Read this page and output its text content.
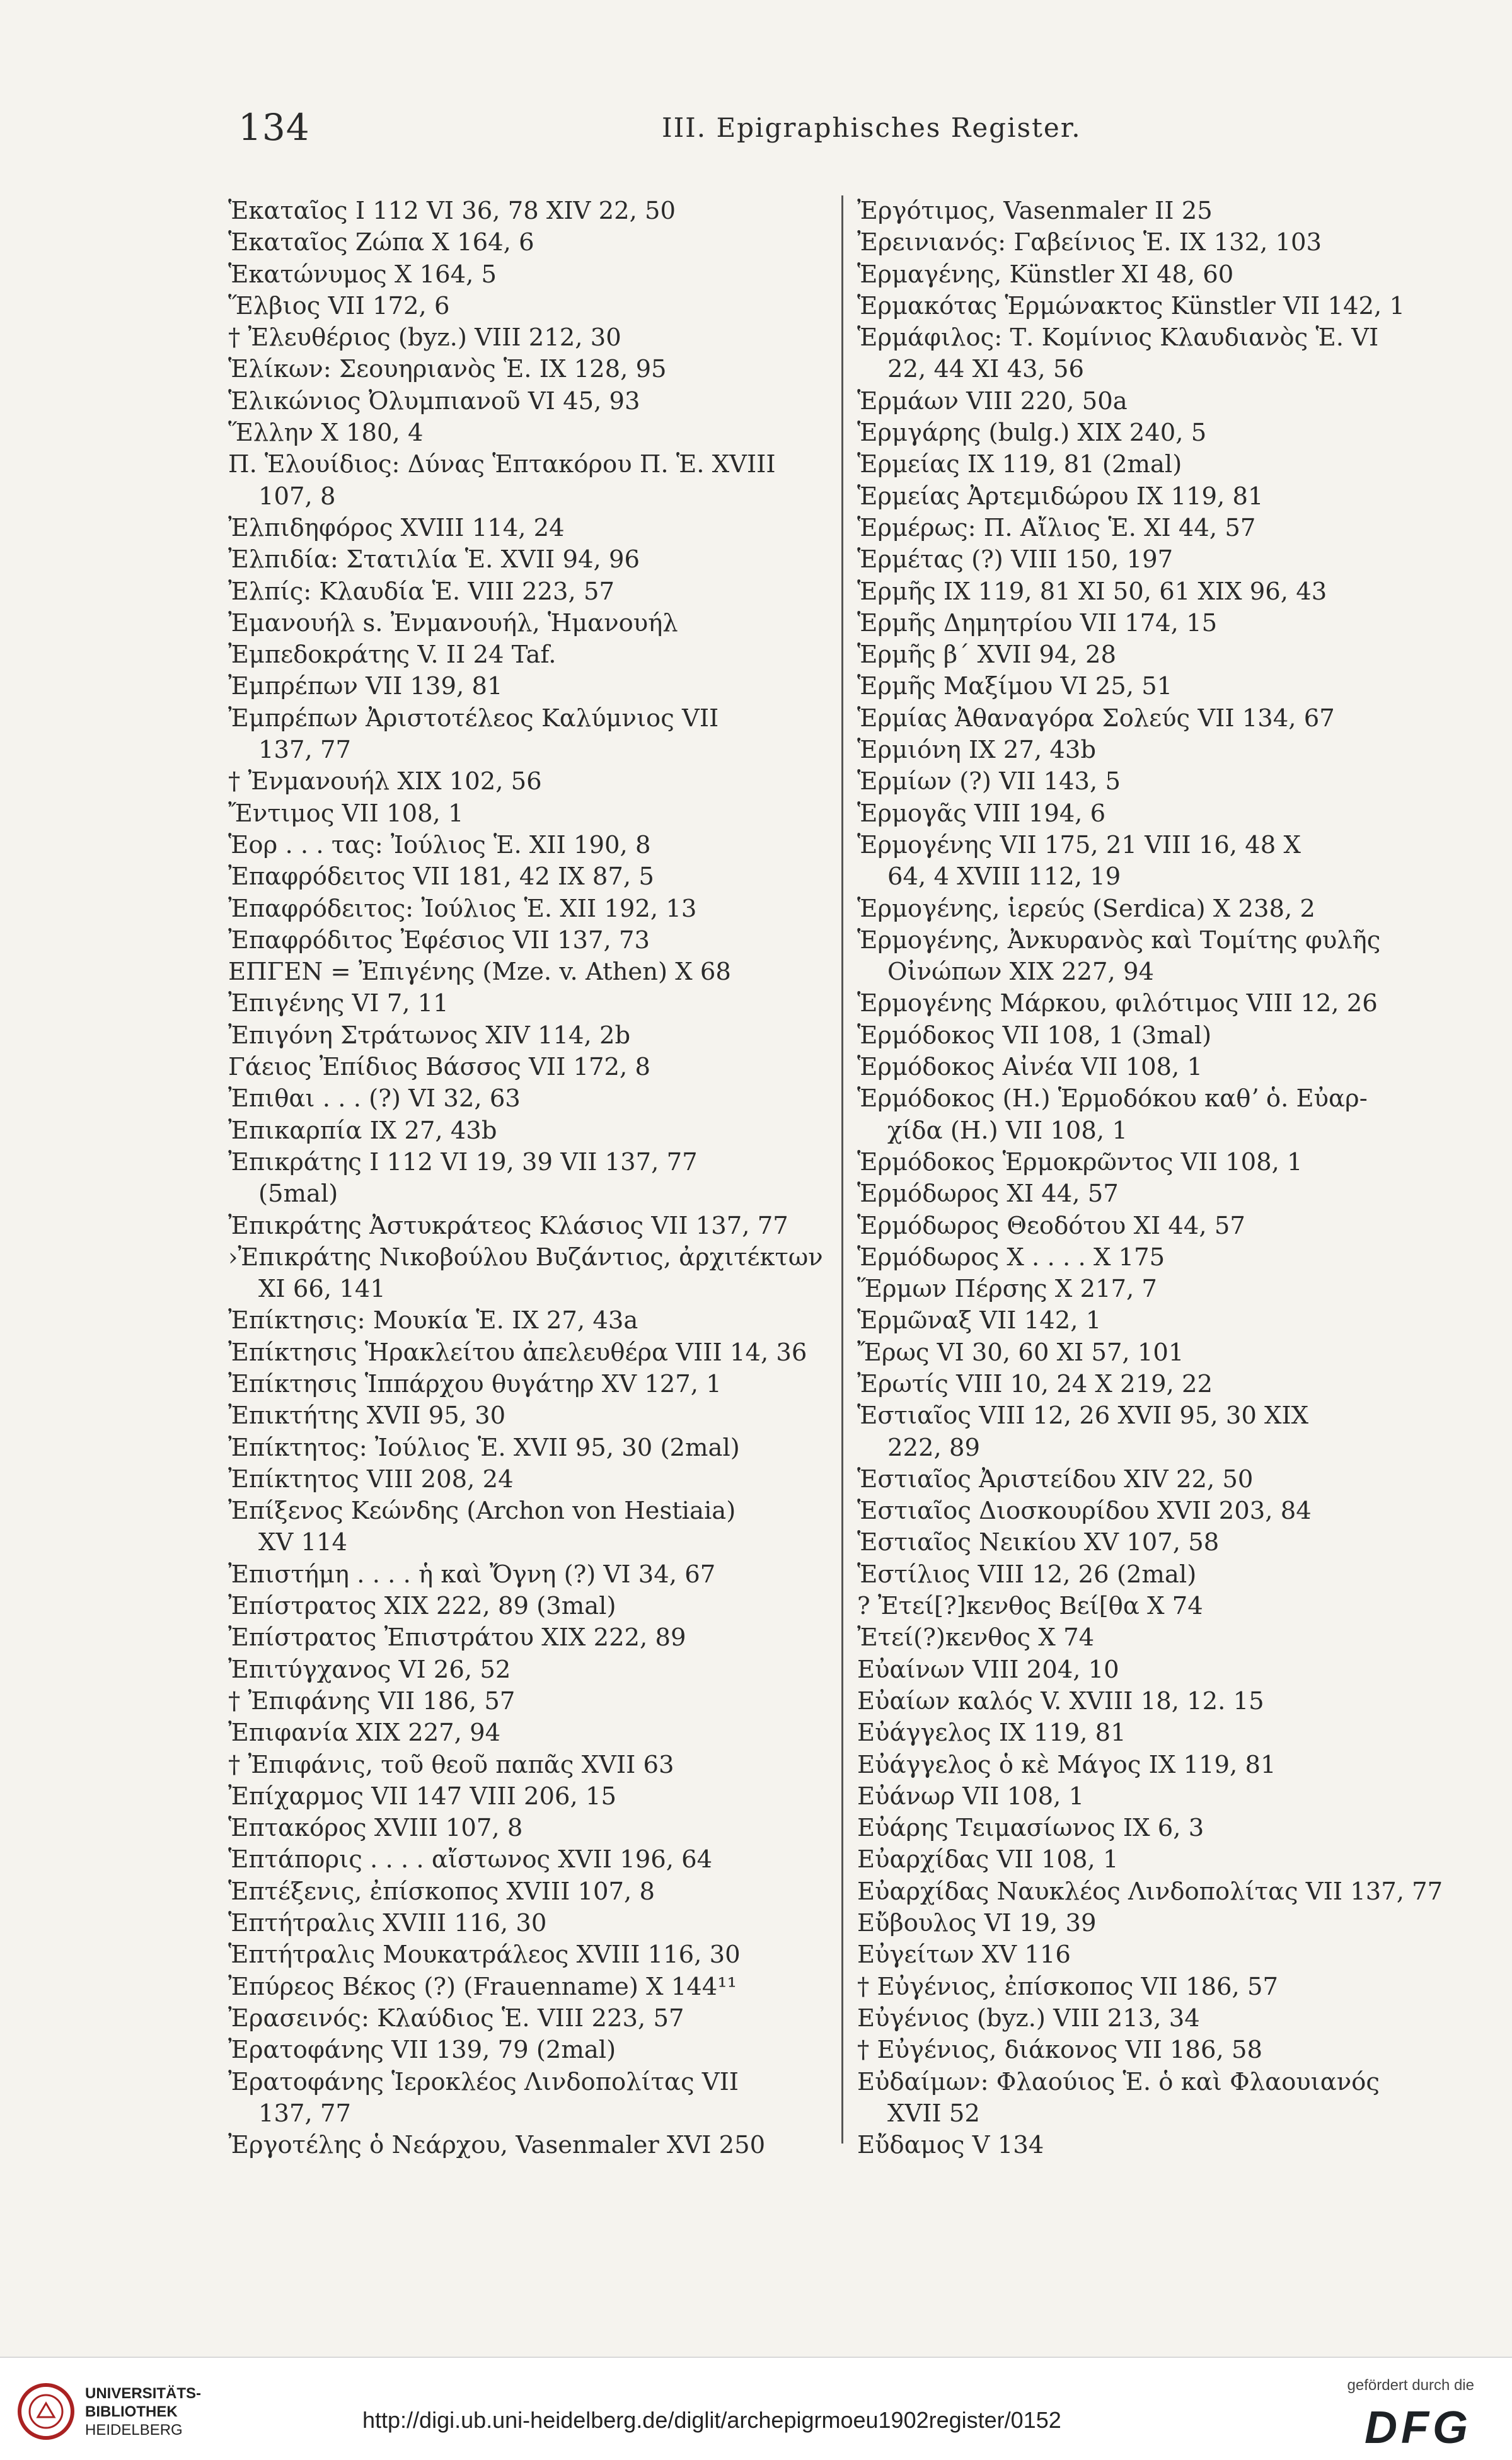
134	III. Epigraphisches Register.
Ἑκαταῖος I 112 VI 36, 78 XIV 22, 50
Ἑκαταῖος Ζώπα X 164, 6
Ἑκατώνυμος X 164, 5
Ἕλβιος VII 172, 6
† Ἐλευθέριος (byz.) VIII 212, 30
Ἑλίκων: Σεουηριανὸς Ἑ. IX 128, 95
Ἑλικώνιος Ὀλυμπιανοῦ VI 45, 93
Ἕλλην X 180, 4
Π. Ἑλουίδιος: Δύνας Ἑπτακόρου Π. Ἑ. XVIII
107, 8
Ἐλπιδηφόρος XVIII 114, 24
Ἐλπιδία: Στατιλία Ἑ. XVII 94, 96
Ἐλπίς: Κλαυδία Ἑ. VIII 223, 57
Ἐμανουήλ s. Ἐνμανουήλ, Ἡμανουήλ
Ἐμπεδοκράτης V. II 24 Taf.
Ἐμπρέπων VII 139, 81
Ἐμπρέπων Ἀριστοτέλεος Καλύμνιος VII
137, 77
† Ἐνμανουήλ XIX 102, 56
Ἔντιμος VII 108, 1
Ἑορ . . . τας: Ἰούλιος Ἑ. XII 190, 8
Ἐπαφρόδειτος VII 181, 42 IX 87, 5
Ἐπαφρόδειτος: Ἰούλιος Ἑ. XII 192, 13
Ἐπαφρόδιτος Ἐφέσιος VII 137, 73
ΕΠΓΕΝ = Ἐπιγένης (Mze. v. Athen) X 68
Ἐπιγένης VI 7, 11
Ἐπιγόνη Στράτωνος XIV 114, 2b
Γάειος Ἐπίδιος Βάσσος VII 172, 8
Ἐπιθαι . . . (?) VI 32, 63
Ἐπικαρπία IX 27, 43b
Ἐπικράτης I 112 VI 19, 39 VII 137, 77
(5mal)
Ἐπικράτης Ἀστυκράτεος Κλάσιος VII 137, 77
›Ἐπικράτης Νικοβούλου Βυζάντιος, ἀρχιτέκτων
XI 66, 141
Ἐπίκτησις: Μουκία Ἑ. IX 27, 43a
Ἐπίκτησις Ἡρακλείτου ἀπελευθέρα VIII 14, 36
Ἐπίκτησις Ἱππάρχου θυγάτηρ XV 127, 1
Ἐπικτήτης XVII 95, 30
Ἐπίκτητος: Ἰούλιος Ἑ. XVII 95, 30 (2mal)
Ἐπίκτητος VIII 208, 24
Ἐπίξενος Κεώνδης (Archon von Hestiaia)
XV 114
Ἐπιστήμη . . . . ἡ καὶ Ὄγνη (?) VI 34, 67
Ἐπίστρατος XIX 222, 89 (3mal)
Ἐπίστρατος Ἐπιστράτου XIX 222, 89
Ἐπιτύγχανος VI 26, 52
† Ἐπιφάνης VII 186, 57
Ἐπιφανία XIX 227, 94
† Ἐπιφάνις, τοῦ θεοῦ παπᾶς XVII 63
Ἐπίχαρμος VII 147 VIII 206, 15
Ἑπτακόρος XVIII 107, 8
Ἑπτάπορις . . . . αἴστωνος XVII 196, 64
Ἑπτέξενις, ἐπίσκοπος XVIII 107, 8
Ἑπτήτραλις XVIII 116, 30
Ἑπτήτραλις Μουκατράλεος XVIII 116, 30
Ἐπύρεος Βέκος (?) (Frauenname) X 144¹¹
Ἐρασεινός: Κλαύδιος Ἑ. VIII 223, 57
Ἐρατοφάνης VII 139, 79 (2mal)
Ἐρατοφάνης Ἱεροκλέος Λινδοπολίτας VII
137, 77
Ἐργοτέλης ὁ Νεάρχου, Vasenmaler XVI 250
Ἐργότιμος, Vasenmaler II 25
Ἐρεινιανός: Γαβείνιος Ἑ. IX 132, 103
Ἑρμαγένης, Künstler XI 48, 60
Ἑρμακότας Ἑρμώνακτος Künstler VII 142, 1
Ἑρμάφιλος: Τ. Κομίνιος Κλαυδιανὸς Ἑ. VI
22, 44 XI 43, 56
Ἑρμάων VIII 220, 50a
Ἑρμγάρης (bulg.) XIX 240, 5
Ἑρμείας IX 119, 81 (2mal)
Ἑρμείας Ἀρτεμιδώρου IX 119, 81
Ἑρμέρως: Π. Αἴλιος Ἑ. XI 44, 57
Ἑρμέτας (?) VIII 150, 197
Ἑρμῆς IX 119, 81 XI 50, 61 XIX 96, 43
Ἑρμῆς Δημητρίου VII 174, 15
Ἑρμῆς β´ XVII 94, 28
Ἑρμῆς Μαξίμου VI 25, 51
Ἑρμίας Ἀθαναγόρα Σολεύς VII 134, 67
Ἑρμιόνη IX 27, 43b
Ἑρμίων (?) VII 143, 5
Ἑρμογᾶς VIII 194, 6
Ἑρμογένης VII 175, 21 VIII 16, 48 X
64, 4 XVIII 112, 19
Ἑρμογένης, ἱερεύς (Serdica) X 238, 2
Ἑρμογένης, Ἀνκυρανὸς καὶ Τομίτης φυλῆς
Οἰνώπων XIX 227, 94
Ἑρμογένης Μάρκου, φιλότιμος VIII 12, 26
Ἑρμόδοκος VII 108, 1 (3mal)
Ἑρμόδοκος Αἰνέα VII 108, 1
Ἑρμόδοκος (H.) Ἑρμοδόκου καθʼ ὁ. Εὐαρ-
χίδα (H.) VII 108, 1
Ἑρμόδοκος Ἑρμοκρῶντος VII 108, 1
Ἑρμόδωρος XI 44, 57
Ἑρμόδωρος Θεοδότου XI 44, 57
Ἑρμόδωρος X . . . . X 175
Ἕρμων Πέρσης X 217, 7
Ἑρμῶναξ VII 142, 1
Ἔρως VI 30, 60 XI 57, 101
Ἐρωτίς VIII 10, 24 X 219, 22
Ἑστιαῖος VIII 12, 26 XVII 95, 30 XIX
222, 89
Ἑστιαῖος Ἀριστείδου XIV 22, 50
Ἑστιαῖος Διοσκουρίδου XVII 203, 84
Ἑστιαῖος Νεικίου XV 107, 58
Ἑστίλιος VIII 12, 26 (2mal)
? Ἐτεί[?]κενθος Βεί[θα X 74
Ἐτεί(?)κενθος X 74
Εὐαίνων VIII 204, 10
Εὐαίων καλός V. XVIII 18, 12. 15
Εὐάγγελος IX 119, 81
Εὐάγγελος ὁ κὲ Μάγος IX 119, 81
Εὐάνωρ VII 108, 1
Εὐάρης Τειμασίωνος IX 6, 3
Εὐαρχίδας VII 108, 1
Εὐαρχίδας Ναυκλέος Λινδοπολίτας VII 137, 77
Εὔβουλος VI 19, 39
Εὐγείτων XV 116
† Εὐγένιος, ἐπίσκοπος VII 186, 57
Εὐγένιος (byz.) VIII 213, 34
† Εὐγένιος, διάκονος VII 186, 58
Εὐδαίμων: Φλαούιος Ἑ. ὁ καὶ Φλαουιανός
XVII 52
Εὔδαμος V 134
UNIVERSITÄTS-
BIBLIOTHEK
HEIDELBERG	http://digi.ub.uni-heidelberg.de/diglit/archepigrmoeu1902register/0152
gefördert durch die
DFG
